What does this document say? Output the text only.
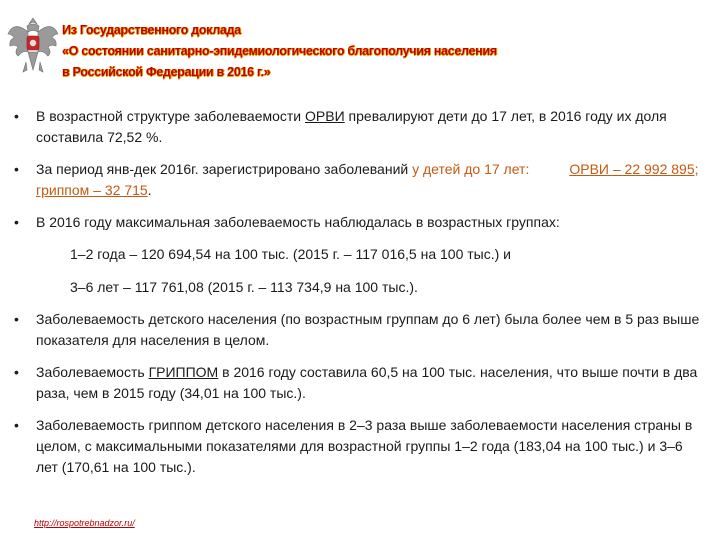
Из Государственного доклада
«О состоянии санитарно-эпидемиологического благополучия населения
в Российской Федерации в 2016 г.»
• В возрастной структуре заболеваемости ОРВИ превалируют дети до 17 лет, в 2016 году их доля составила 72,52 %.
• За период янв-дек 2016г. зарегистрировано заболеваний у детей до 17 лет:	ОРВИ – 22 992 895; гриппом – 32 715.
• В 2016 году максимальная заболеваемость наблюдалась в возрастных группах:
1–2 года – 120 694,54 на 100 тыс. (2015 г. – 117 016,5 на 100 тыс.) и
3–6 лет – 117 761,08 (2015 г. – 113 734,9 на 100 тыс.).
• Заболеваемость детского населения (по возрастным группам до 6 лет) была более чем в 5 раз выше показателя для населения в целом.
• Заболеваемость ГРИППОМ в 2016 году составила 60,5 на 100 тыс. населения, что выше почти в два раза, чем в 2015 году (34,01 на 100 тыс.).
• Заболеваемость гриппом детского населения в 2–3 раза выше заболеваемости населения страны в целом, с максимальными показателями для возрастной группы 1–2 года (183,04 на 100 тыс.) и 3–6 лет (170,61 на 100 тыс.).
http://rospotrebnadzor.ru/
